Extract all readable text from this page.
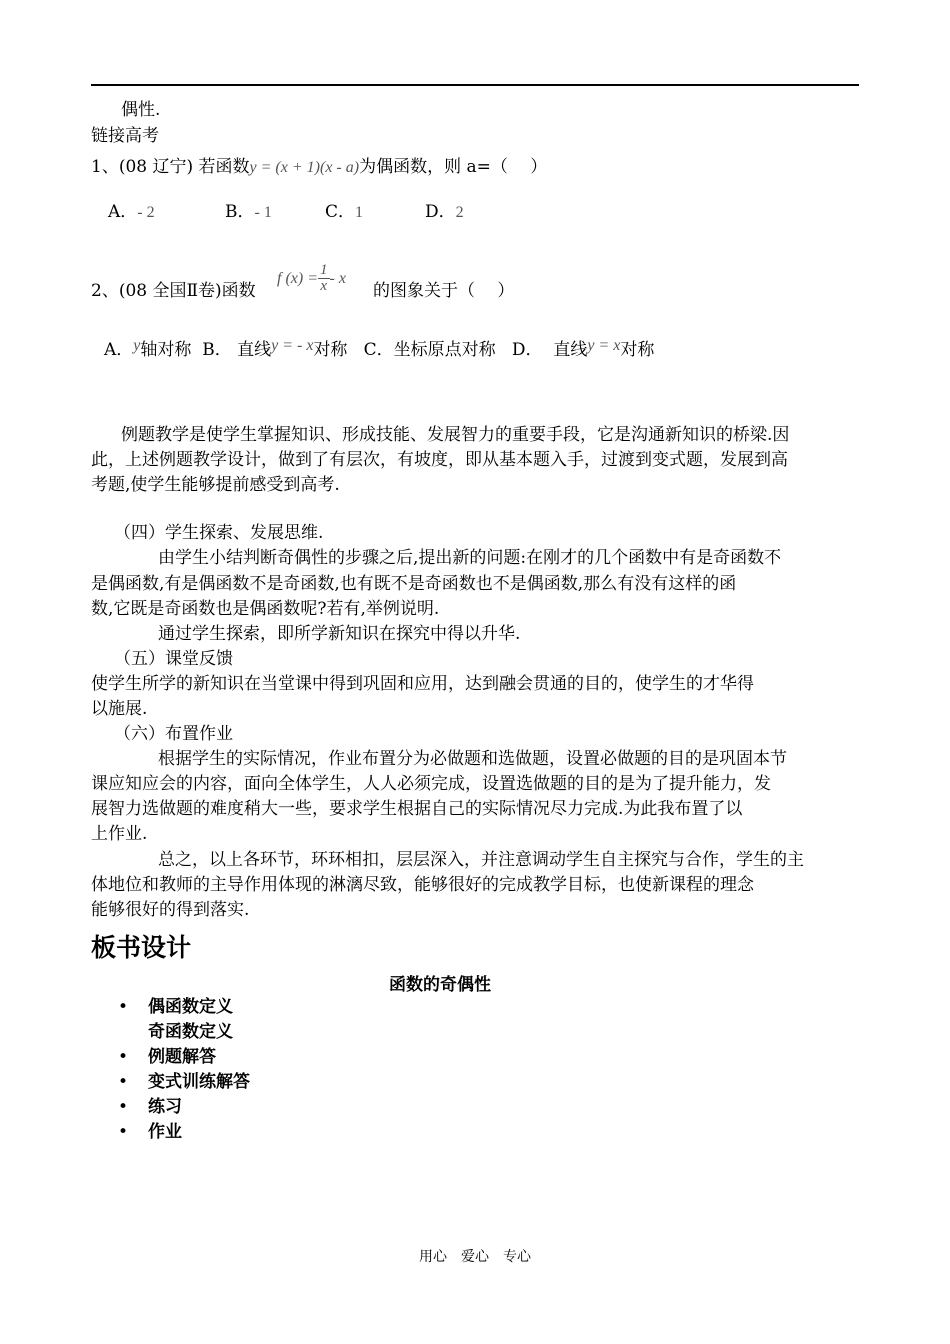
偶性.
链接高考
1、(08 辽宁) 若函数y = (x + 1)(x - a)为偶函数，则 a=（　 ）
A．- 2	B．- 1	C．1	D．2
2、(08 全国Ⅱ卷)函数
f $(x) = \frac{1}{x} - x$
的图象关于（　 ）
A．y轴对称 B． 直线y = - x对称 C．坐标原点对称 D． 直线y = x对称
例题教学是使学生掌握知识、形成技能、发展智力的重要手段，它是沟通新知识的桥梁.因
此，上述例题教学设计，做到了有层次，有坡度，即从基本题入手，过渡到变式题，发展到高
考题,使学生能够提前感受到高考.
（四）学生探索、发展思维.
由学生小结判断奇偶性的步骤之后,提出新的问题:在刚才的几个函数中有是奇函数不
是偶函数,有是偶函数不是奇函数,也有既不是奇函数也不是偶函数,那么有没有这样的函
数,它既是奇函数也是偶函数呢?若有,举例说明.
通过学生探索，即所学新知识在探究中得以升华.
（五）课堂反馈
使学生所学的新知识在当堂课中得到巩固和应用，达到融会贯通的目的，使学生的才华得
以施展.
（六）布置作业
根据学生的实际情况，作业布置分为必做题和选做题，设置必做题的目的是巩固本节
课应知应会的内容，面向全体学生，人人必须完成，设置选做题的目的是为了提升能力，发
展智力选做题的难度稍大一些，要求学生根据自己的实际情况尽力完成.为此我布置了以
上作业.
总之，以上各环节，环环相扣，层层深入，并注意调动学生自主探究与合作，学生的主
体地位和教师的主导作用体现的淋漓尽致，能够很好的完成教学目标，也使新课程的理念
能够很好的得到落实.
板书设计
函数的奇偶性
• 偶函数定义
奇函数定义
• 例题解答
• 变式训练解答
• 练习
• 作业
用心　爱心　专心
